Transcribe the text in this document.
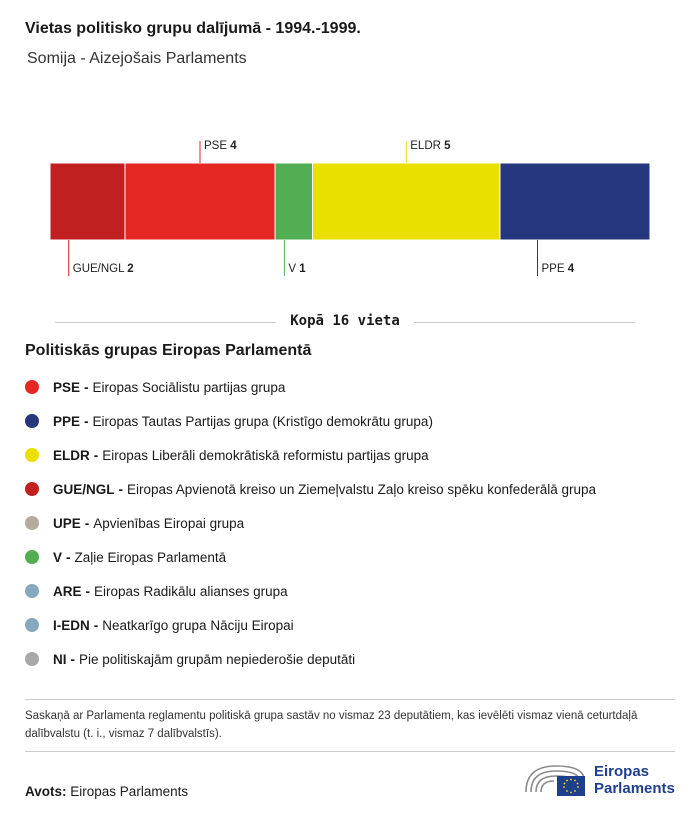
Vietas politisko grupu dalījumā - 1994.-1999.
Somija - Aizejošais Parlaments
GUE/NGL 2
PSE 4
V 1
ELDR 5
PPE 4
Kopā 16 vieta
Politiskās grupas Eiropas Parlamentā
PSE - Eiropas Sociālistu partijas grupa
PPE - Eiropas Tautas Partijas grupa (Kristīgo demokrātu grupa)
ELDR - Eiropas Liberāli demokrātiskā reformistu partijas grupa
GUE/NGL - Eiropas Apvienotā kreiso un Ziemeļvalstu Zaļo kreiso spēku konfederālā grupa
UPE - Apvienības Eiropai grupa
V - Zaļie Eiropas Parlamentā
ARE - Eiropas Radikālu alianses grupa
I-EDN - Neatkarīgo grupa Nāciju Eiropai
NI - Pie politiskajām grupām nepiederošie deputāti
Saskaņā ar Parlamenta reglamentu politiskā grupa sastāv no vismaz 23 deputātiem, kas ievēlēti vismaz vienā ceturtdaļā dalībvalstu (t. i., vismaz 7 dalībvalstīs).
Avots: Eiropas Parlaments
Eiropas
Parlaments
